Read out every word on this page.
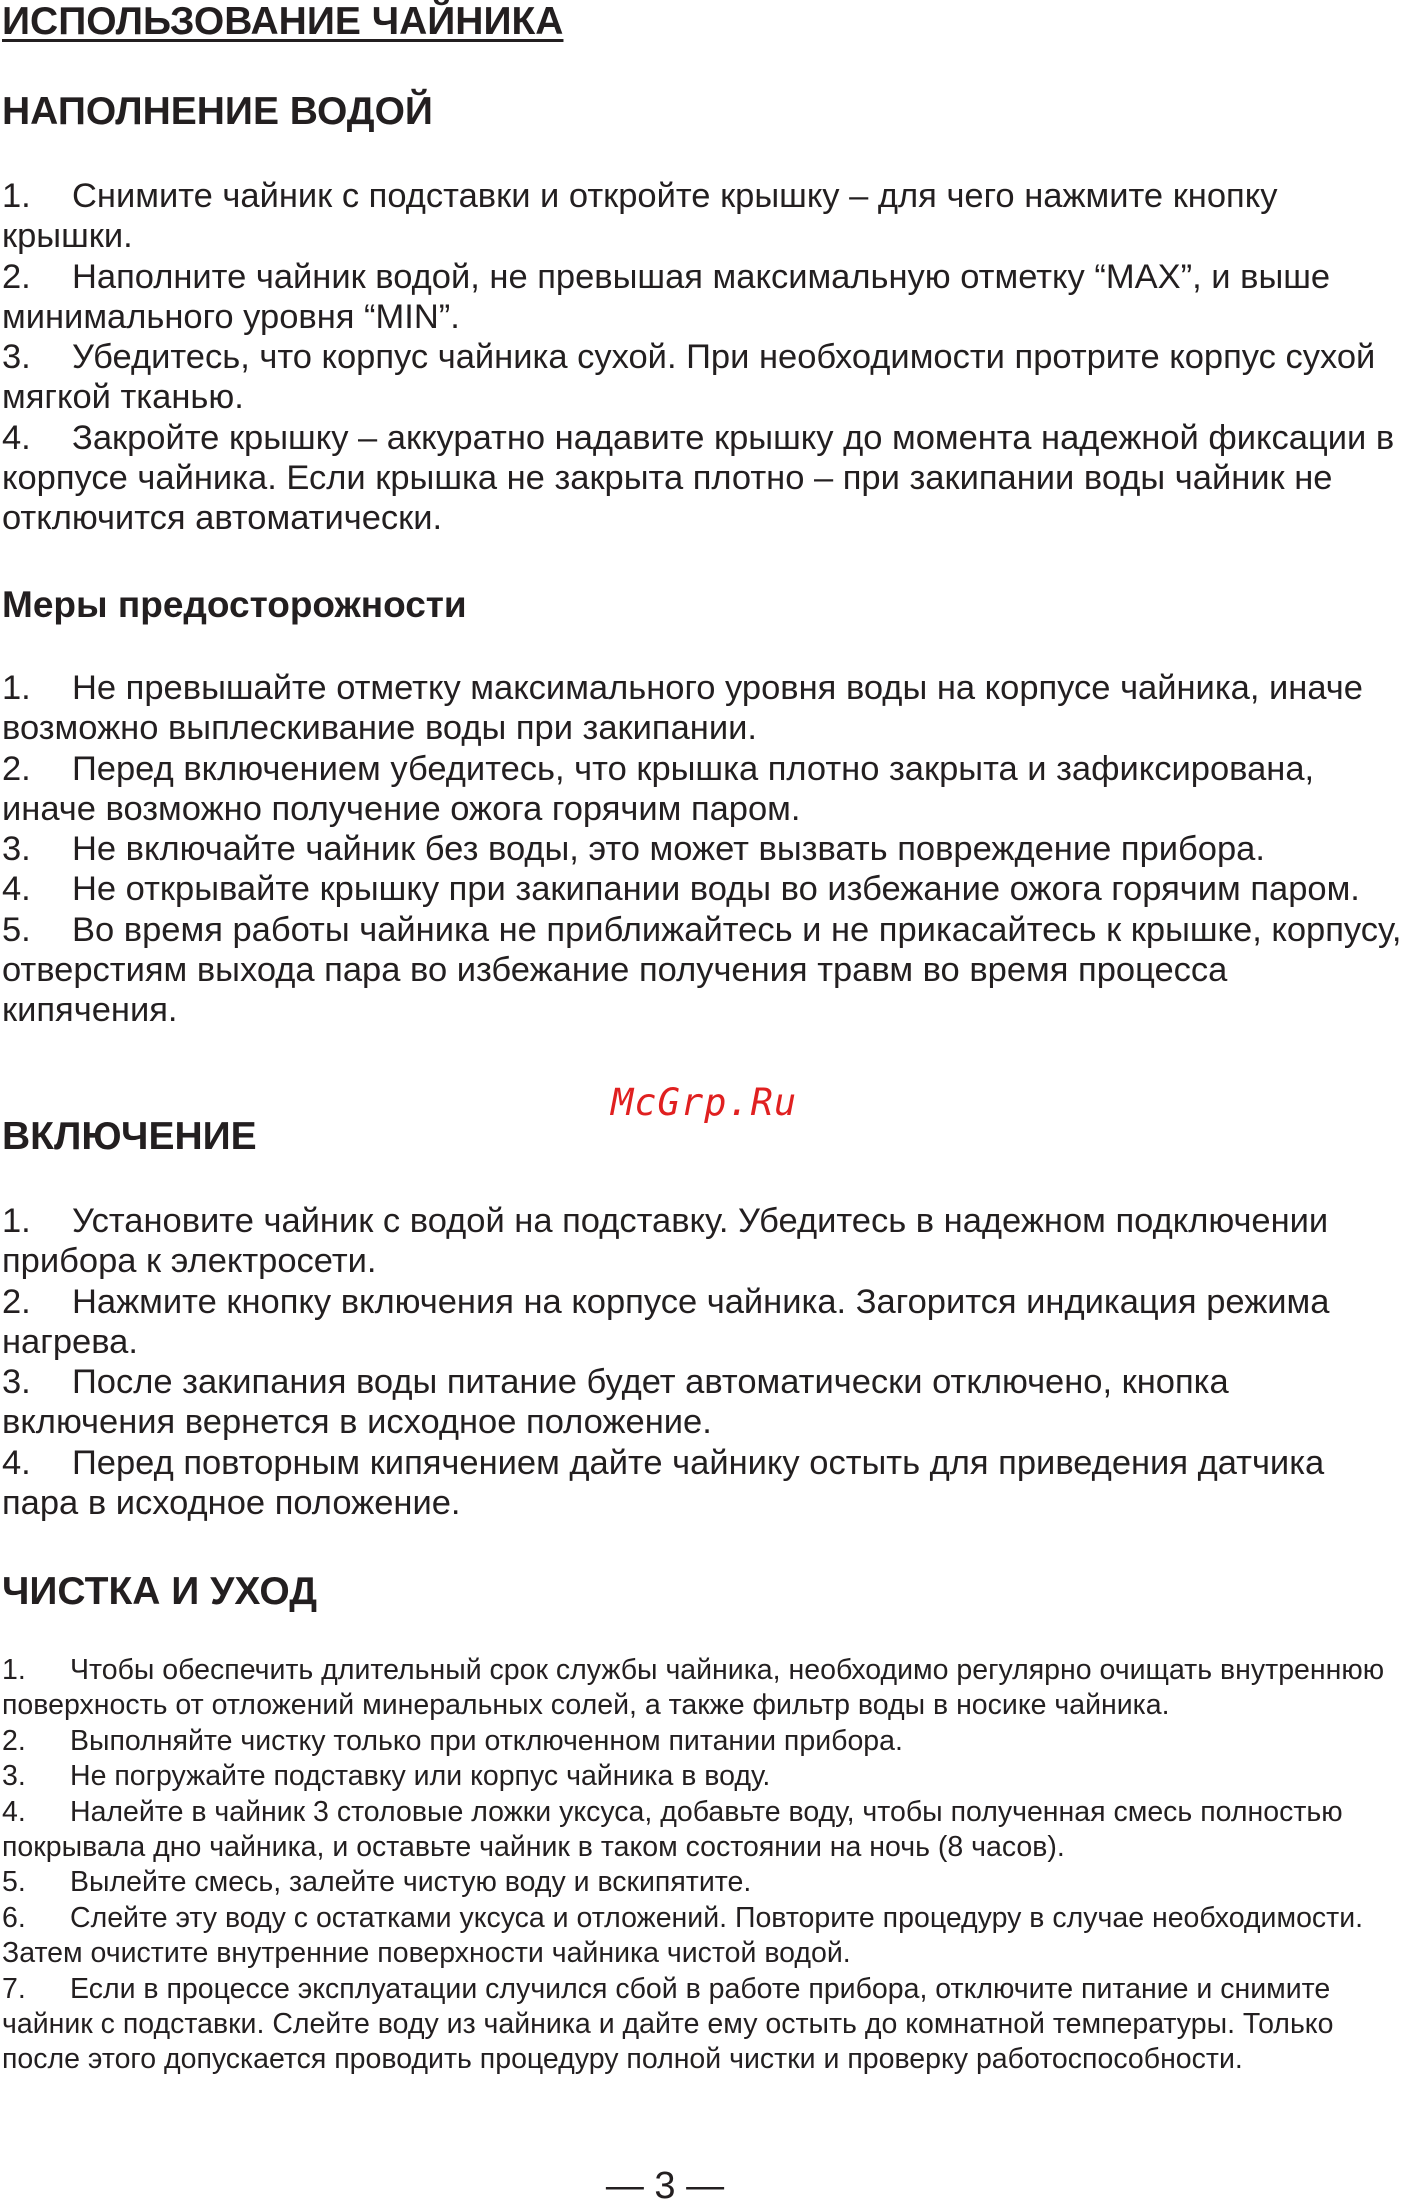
ИСПОЛЬЗОВАНИЕ ЧАЙНИКА
НАПОЛНЕНИЕ ВОДОЙ
1. Снимите чайник с подставки и откройте крышку – для чего нажмите кнопку крышки.
2. Наполните чайник водой, не превышая максимальную отметку “MAX”, и выше минимального уровня “MIN”.
3. Убедитесь, что корпус чайника сухой. При необходимости протрите корпус сухой мягкой тканью.
4. Закройте крышку – аккуратно надавите крышку до момента надежной фиксации в корпусе чайника. Если крышка не закрыта плотно – при закипании воды чайник не отключится автоматически.
Меры предосторожности
1. Не превышайте отметку максимального уровня воды на корпусе чайника, иначе возможно выплескивание воды при закипании.
2. Перед включением убедитесь, что крышка плотно закрыта и зафиксирована, иначе возможно получение ожога горячим паром.
3. Не включайте чайник без воды, это может вызвать повреждение прибора.
4. Не открывайте крышку при закипании воды во избежание ожога горячим паром.
5. Во время работы чайника не приближайтесь и не прикасайтесь к крышке, корпусу, отверстиям выхода пара во избежание получения травм во время процесса кипячения.
McGrp.Ru
ВКЛЮЧЕНИЕ
1. Установите чайник с водой на подставку. Убедитесь в надежном подключении прибора к электросети.
2. Нажмите кнопку включения на корпусе чайника. Загорится индикация режима нагрева.
3. После закипания воды питание будет автоматически отключено, кнопка включения вернется в исходное положение.
4. Перед повторным кипячением дайте чайнику остыть для приведения датчика пара в исходное положение.
ЧИСТКА И УХОД
1. Чтобы обеспечить длительный срок службы чайника, необходимо регулярно очищать внутреннюю поверхность от отложений минеральных солей, а также фильтр воды в носике чайника.
2. Выполняйте чистку только при отключенном питании прибора.
3. Не погружайте подставку или корпус чайника в воду.
4. Налейте в чайник 3 столовые ложки уксуса, добавьте воду, чтобы полученная смесь полностью покрывала дно чайника, и оставьте чайник в таком состоянии на ночь (8 часов).
5. Вылейте смесь, залейте чистую воду и вскипятите.
6. Слейте эту воду с остатками уксуса и отложений. Повторите процедуру в случае необходимости. Затем очистите внутренние поверхности чайника чистой водой.
7. Если в процессе эксплуатации случился сбой в работе прибора, отключите питание и снимите чайник с подставки. Слейте воду из чайника и дайте ему остыть до комнатной температуры. Только после этого допускается проводить процедуру полной чистки и проверку работоспособности.
— 3 —
